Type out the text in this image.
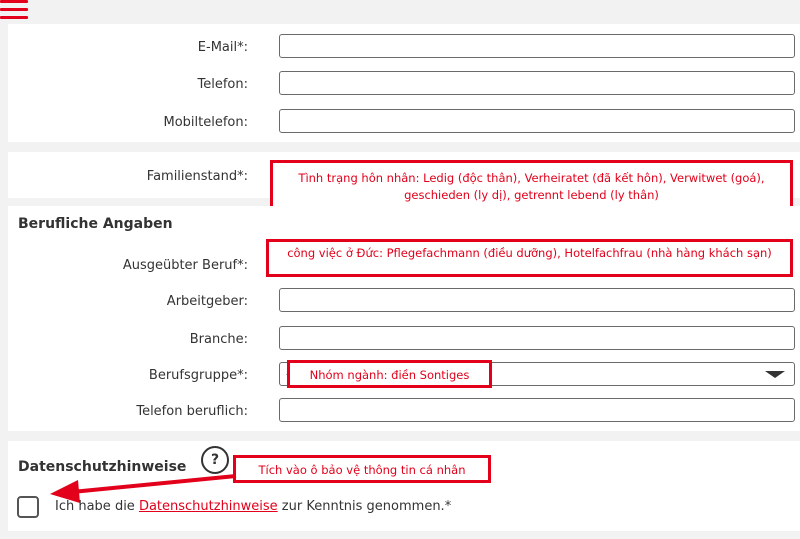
E-Mail*:
Telefon:
Mobiltelefon:
Familienstand*:	Tình trạng hôn nhân: Ledig (độc thân), Verheiratet (đã kết hôn), Verwitwet (goá), geschieden (ly dị), getrennt lebend (ly thân)
Berufliche Angaben
Ausgeübter Beruf*:
Arbeitgeber:
Branche:
Berufsgruppe*:
Telefon beruflich:
công việc ở Đức: Pflegefachmann (điều dưỡng), Hotelfachfrau (nhà hàng khách sạn)
Nhóm ngành: điền Sontiges
Datenschutzhinweise	?
Tích vào ô bảo vệ thông tin cá nhân
Ich habe die Datenschutzhinweise zur Kenntnis genommen.*
